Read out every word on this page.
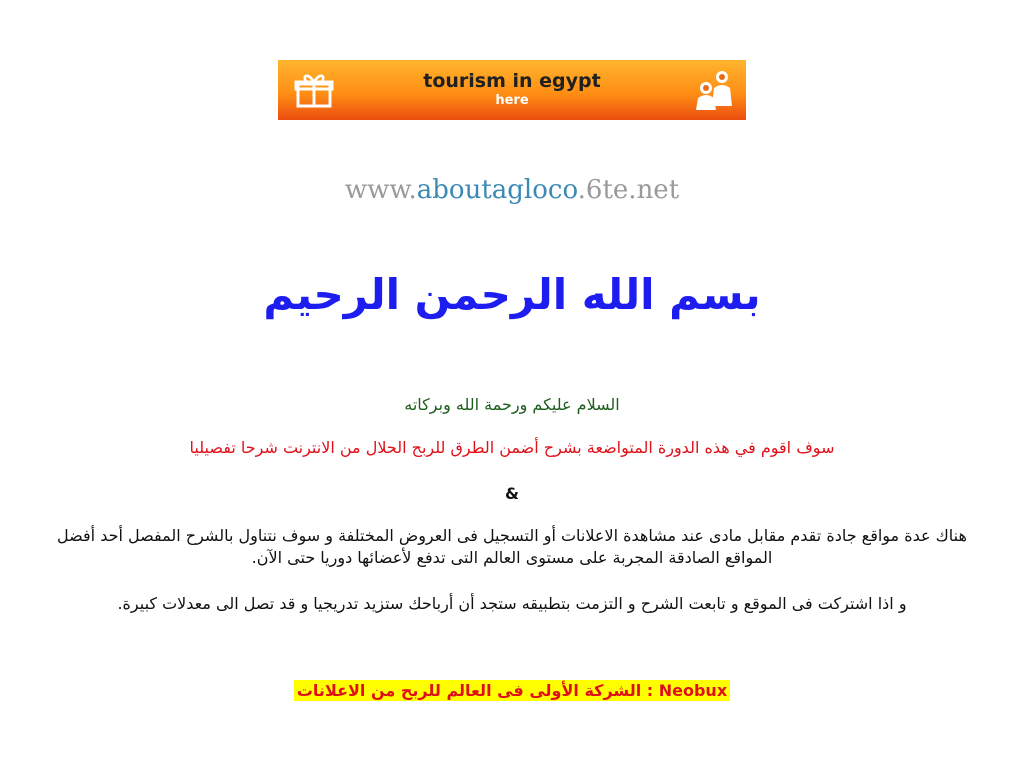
tourism in egypt
here
www.aboutagloco.6te.net
بسم الله الرحمن الرحيم
السلام عليكم ورحمة الله وبركاته
سوف اقوم في هذه الدورة المتواضعة بشرح أضمن الطرق للربح الحلال من الانترنت شرحا تفصيليا
&
هناك عدة مواقع جادة تقدم مقابل مادى عند مشاهدة الاعلانات أو التسجيل فى العروض المختلفة و سوف نتناول بالشرح المفصل أحد أفضل المواقع الصادقة المجربة على مستوى العالم التى تدفع لأعضائها دوريا حتى الآن.
و اذا اشتركت فى الموقع و تابعت الشرح و التزمت بتطبيقه ستجد أن أرباحك ستزيد تدريجيا و قد تصل الى معدلات كبيرة.
Neobux : الشركة الأولى فى العالم للربح من الاعلانات
